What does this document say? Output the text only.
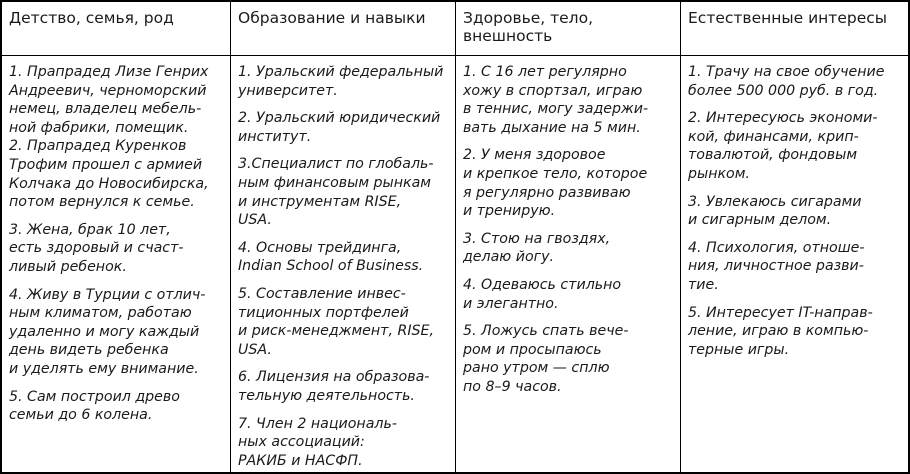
Детство, семья, род
1. Прапрадед Лизе Генрих
Андреевич, черноморский
немец, владелец мебель-
ной фабрики, помещик.
2. Прапрадед Куренков
Трофим прошел с армией
Колчака до Новосибирска,
потом вернулся к семье.
3. Жена, брак 10 лет,
есть здоровый и счаст-
ливый ребенок.
4. Живу в Турции с отлич-
ным климатом, работаю
удаленно и могу каждый
день видеть ребенка
и уделять ему внимание.
5. Сам построил древо
семьи до 6 колена.
Образование и навыки
1. Уральский федеральный
университет.
2. Уральский юридический
институт.
3.Специалист по глобаль-
ным финансовым рынкам
и инструментам RISE,
USA.
4. Основы трейдинга,
Indian School of Business.
5. Составление инвес-
тиционных портфелей
и риск-менеджмент, RISE,
USA.
6. Лицензия на образова-
тельную деятельность.
7. Член 2 националь-
ных ассоциаций:
РАКИБ и НАСФП.
Здоровье, тело, внешность
1. С 16 лет регулярно
хожу в спортзал, играю
в теннис, могу задержи-
вать дыхание на 5 мин.
2. У меня здоровое
и крепкое тело, которое
я регулярно развиваю
и тренирую.
3. Стою на гвоздях,
делаю йогу.
4. Одеваюсь стильно
и элегантно.
5. Ложусь спать вече-
ром и просыпаюсь
рано утром — сплю
по 8–9 часов.
Естественные интересы
1. Трачу на свое обучение
более 500 000 руб. в год.
2. Интересуюсь экономи-
кой, финансами, крип-
товалютой, фондовым
рынком.
3. Увлекаюсь сигарами
и сигарным делом.
4. Психология, отноше-
ния, личностное разви-
тие.
5. Интересует IT-направ-
ление, играю в компью-
терные игры.
